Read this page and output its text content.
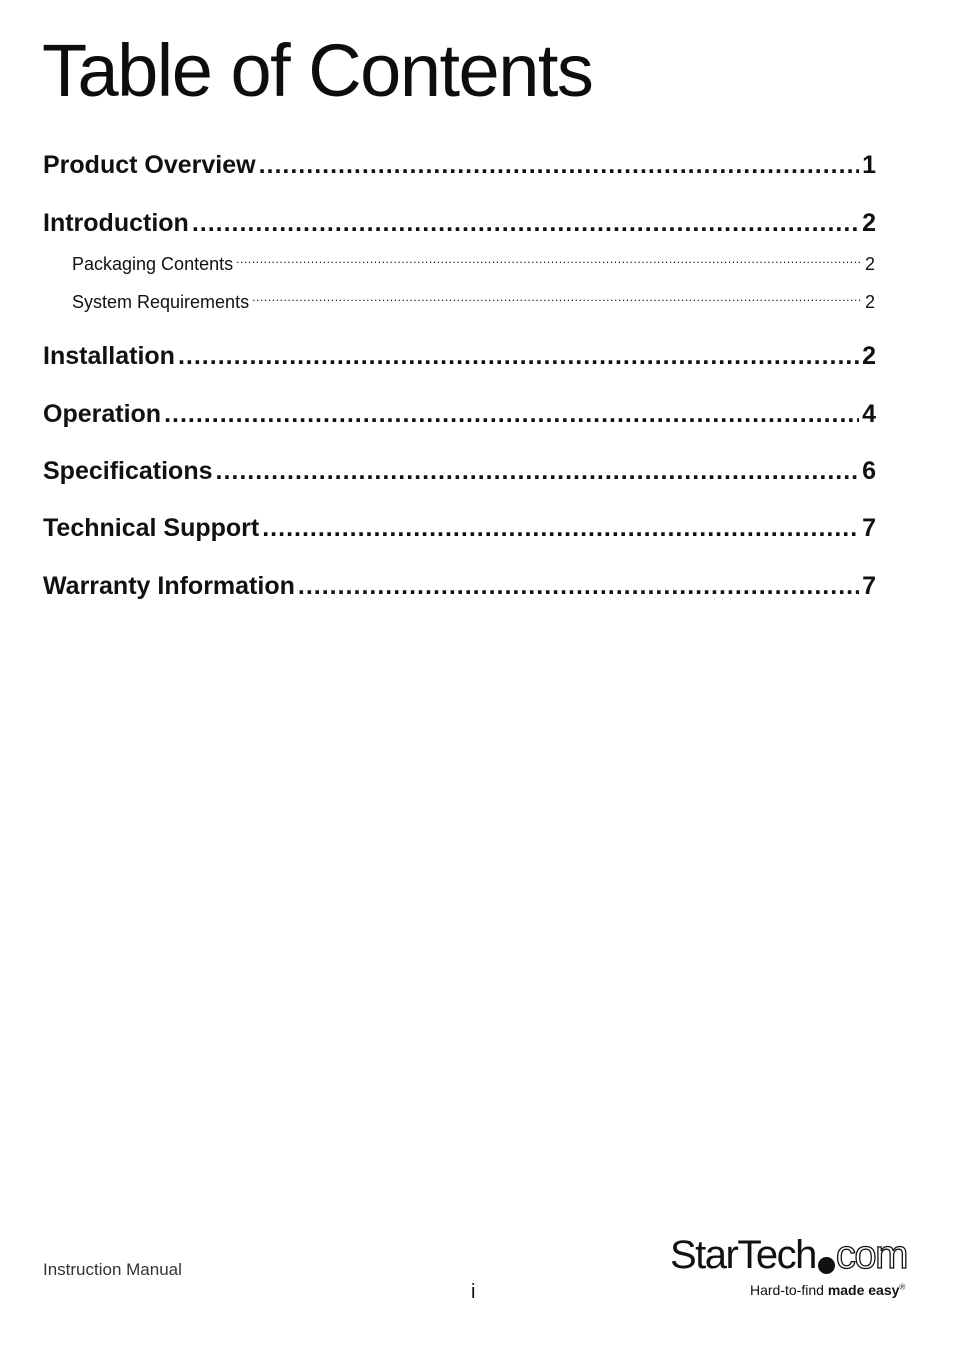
Table of Contents
Product Overview .....	1
Introduction .....	2
Packaging Contents .....	2
System Requirements .....	2
Installation .....	2
Operation .....	4
Specifications .....	6
Technical Support .....	7
Warranty Information .....	7
Instruction Manual
i
StarTech com
Hard-to-find made easy®
